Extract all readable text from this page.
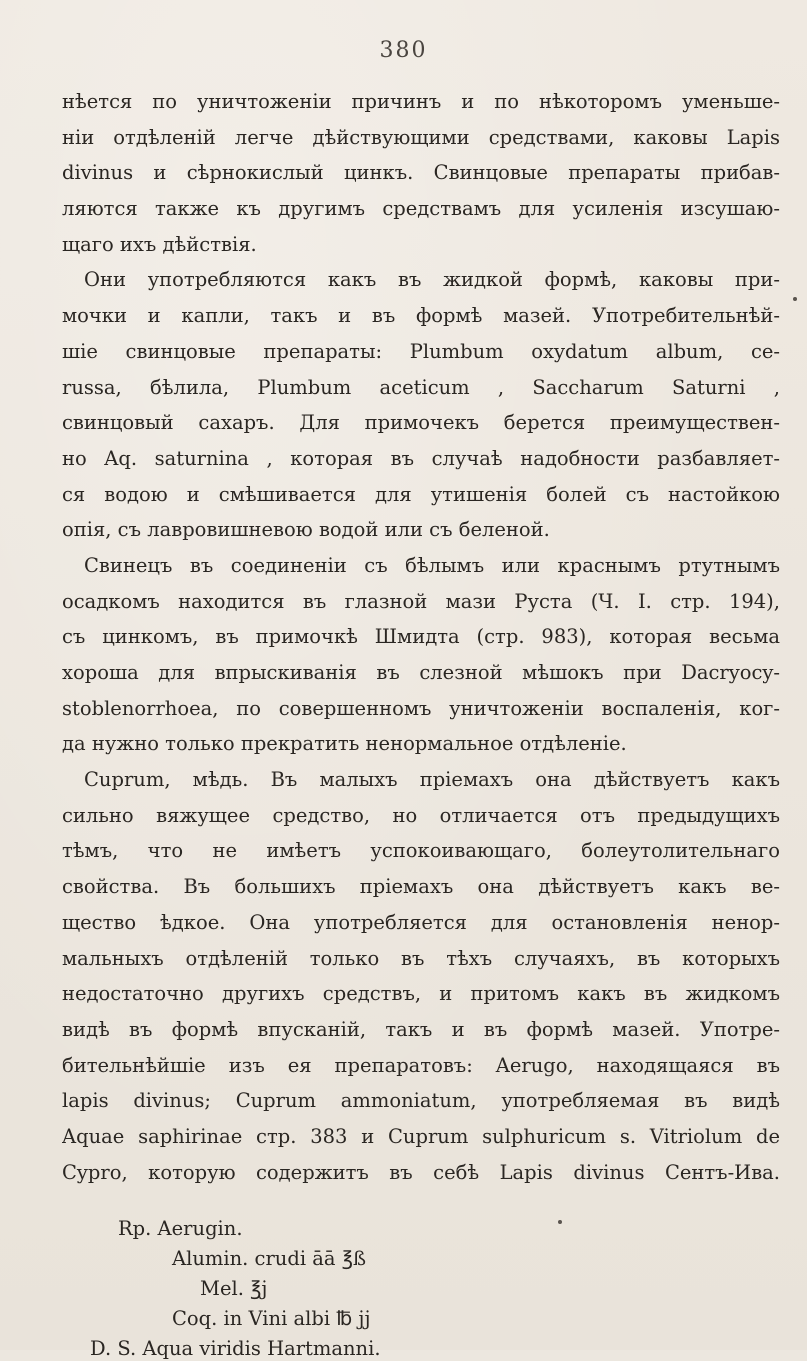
380
нѣется по уничтоженіи причинъ и по нѣкоторомъ уменьше-
ніи отдѣленій легче дѣйствующими средствами, каковы Lapis
divinus и сѣрнокислый цинкъ. Свинцовые препараты прибав-
ляются также къ другимъ средствамъ для усиленія изсушаю-
щаго ихъ дѣйствія.
Они употребляются какъ въ жидкой формѣ, каковы при-
мочки и капли, такъ и въ формѣ мазей. Употребительнѣй-
шіе свинцовые препараты: Plumbum oxydatum album, ce-
russa, бѣлила, Plumbum aceticum , Saccharum Saturni ,
свинцовый сахаръ. Для примочекъ берется преимуществен-
но Aq. saturnina , которая въ случаѣ надобности разбавляет-
ся водою и смѣшивается для утишенія болей съ настойкою
опія, съ лавровишневою водой или съ беленой.
Свинецъ въ соединеніи съ бѣлымъ или краснымъ ртутнымъ
осадкомъ находится въ глазной мази Руста (Ч. I. стр. 194),
съ цинкомъ, въ примочкѣ Шмидта (стр. 983), которая весьма
хороша для впрыскиванія въ слезной мѣшокъ при Dacryocy-
stoblenorrhoea, по совершенномъ уничтоженіи воспаленія, ког-
да нужно только прекратить ненормальное отдѣленіе.
Cuprum, мѣдь. Въ малыхъ пріемахъ она дѣйствуетъ какъ
сильно вяжущее средство, но отличается отъ предыдущихъ
тѣмъ, что не имѣетъ успокоивающаго, болеутолительнаго
свойства. Въ большихъ пріемахъ она дѣйствуетъ какъ ве-
щество ѣдкое. Она употребляется для остановленія ненор-
мальныхъ отдѣленій только въ тѣхъ случаяхъ, въ которыхъ
недостаточно другихъ средствъ, и притомъ какъ въ жидкомъ
видѣ въ формѣ впусканій, такъ и въ формѣ мазей. Употре-
бительнѣйшіе изъ ея препаратовъ: Aerugo, находящаяся въ
lapis divinus; Cuprum ammoniatum, употребляемая въ видѣ
Aquae saphirinae стр. 383 и Cuprum sulphuricum s. Vitriolum de
Cypro, которую содержитъ въ себѣ Lapis divinus Сентъ-Ива.
Rp. Aerugin.
Alumin. crudi āā ℥ß
Mel. ℥j
Coq. in Vini albi ℔ jj
D. S. Aqua viridis Hartmanni.
